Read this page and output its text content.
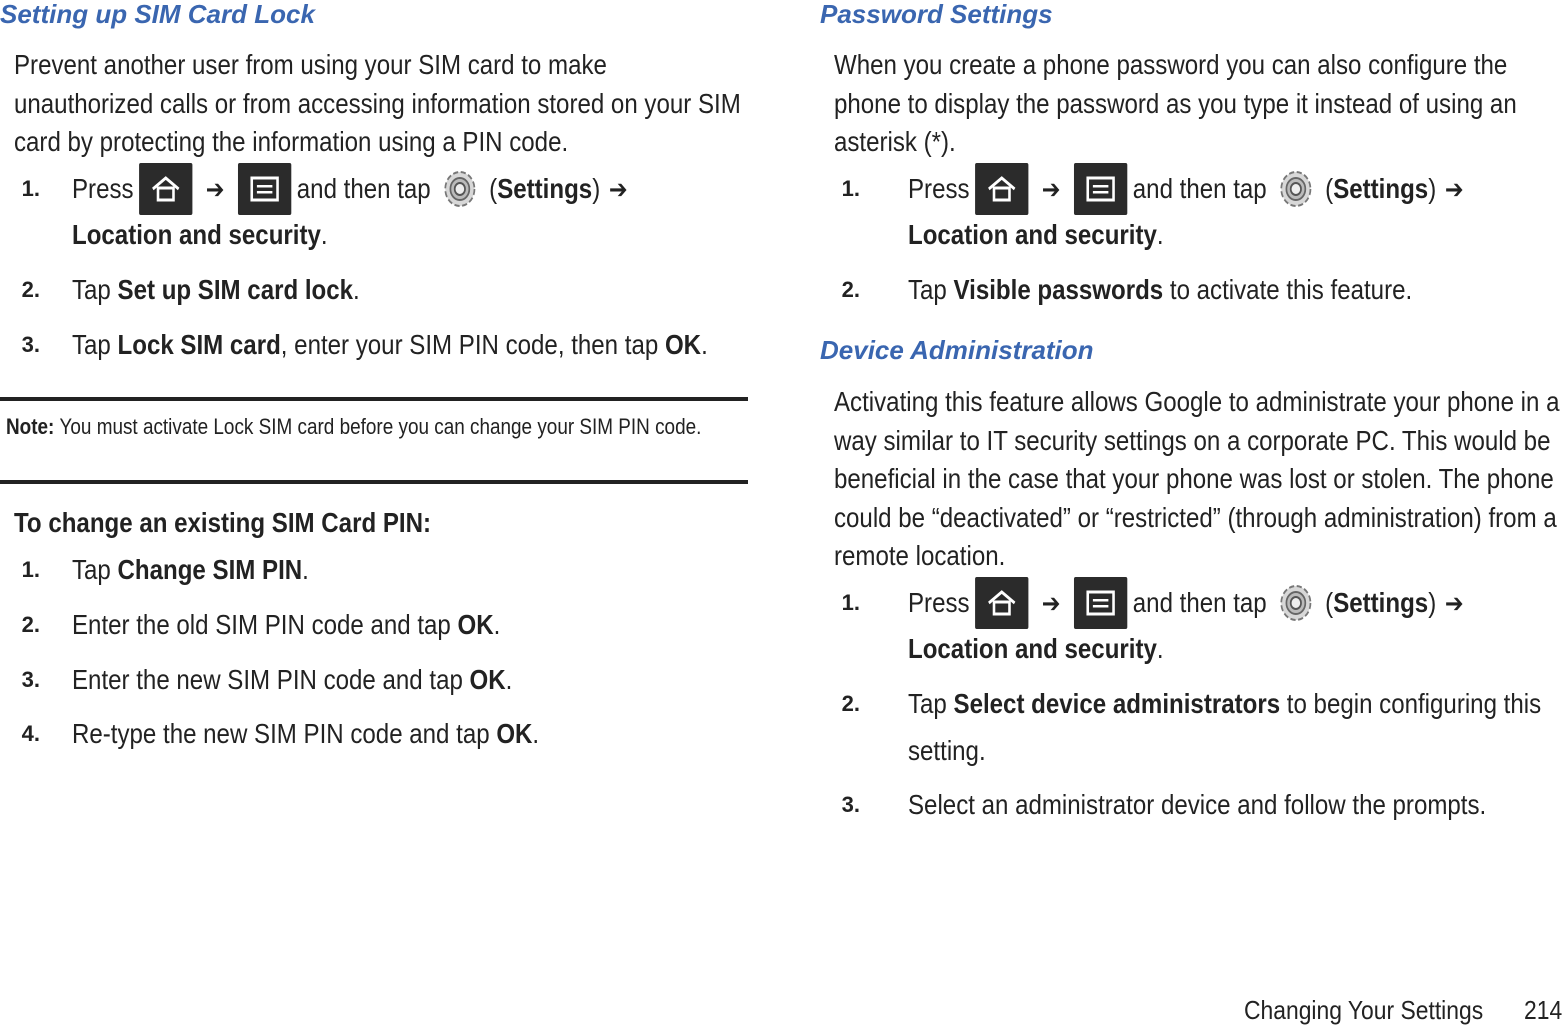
Setting up SIM Card Lock

Prevent another user from using your SIM card to make unauthorized calls or from accessing information stored on your SIM card by protecting the information using a PIN code.

1. Press	➔	and then tap ( Settings ) ➔
Location and security.
2. Tap Set up SIM card lock .
3. Tap Lock SIM card , enter your SIM PIN code, then tap OK .
Note: You must activate Lock SIM card before you can change your SIM PIN code.
To change an existing SIM Card PIN:
1. Tap Change SIM PIN .
2. Enter the old SIM PIN code and tap OK .
3. Enter the new SIM PIN code and tap OK .
4. Re-type the new SIM PIN code and tap OK .
Password Settings

When you create a phone password you can also configure the phone to display the password as you type it instead of using an asterisk (*).

1. Press	➔	and then tap ( Settings ) ➔
Location and security.
2. Tap Visible passwords to activate this feature.
Device Administration

Activating this feature allows Google to administrate your phone in a way similar to IT security settings on a corporate PC. This would be beneficial in the case that your phone was lost or stolen. The phone could be “deactivated” or “restricted” (through administration) from a remote location.

1. Press	➔	and then tap ( Settings ) ➔
Location and security.
2. Tap Select device administrators to begin configuring this
setting.
3. Select an administrator device and follow the prompts.
Changing Your Settings 214
